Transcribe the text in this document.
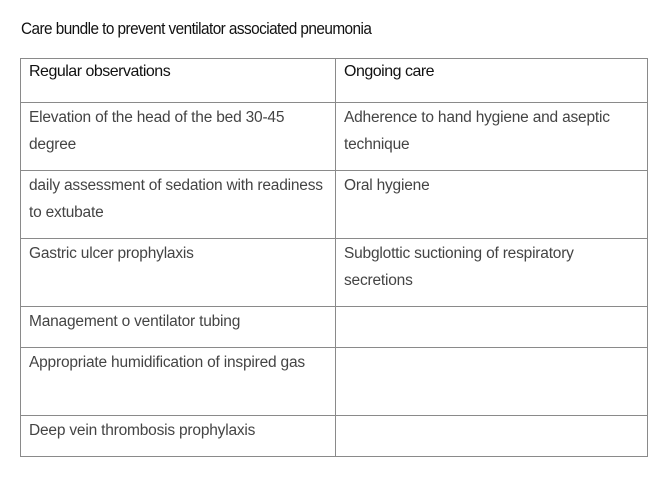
Care bundle to prevent ventilator associated pneumonia
Regular observations	Ongoing care
Elevation of the head of the bed 30-45 degree	Adherence to hand hygiene and aseptic technique
daily assessment of sedation with readiness to extubate	Oral hygiene
Gastric ulcer prophylaxis	Subglottic suctioning of respiratory secretions
Management o ventilator tubing	
Appropriate humidification of inspired gas	
Deep vein thrombosis prophylaxis	
